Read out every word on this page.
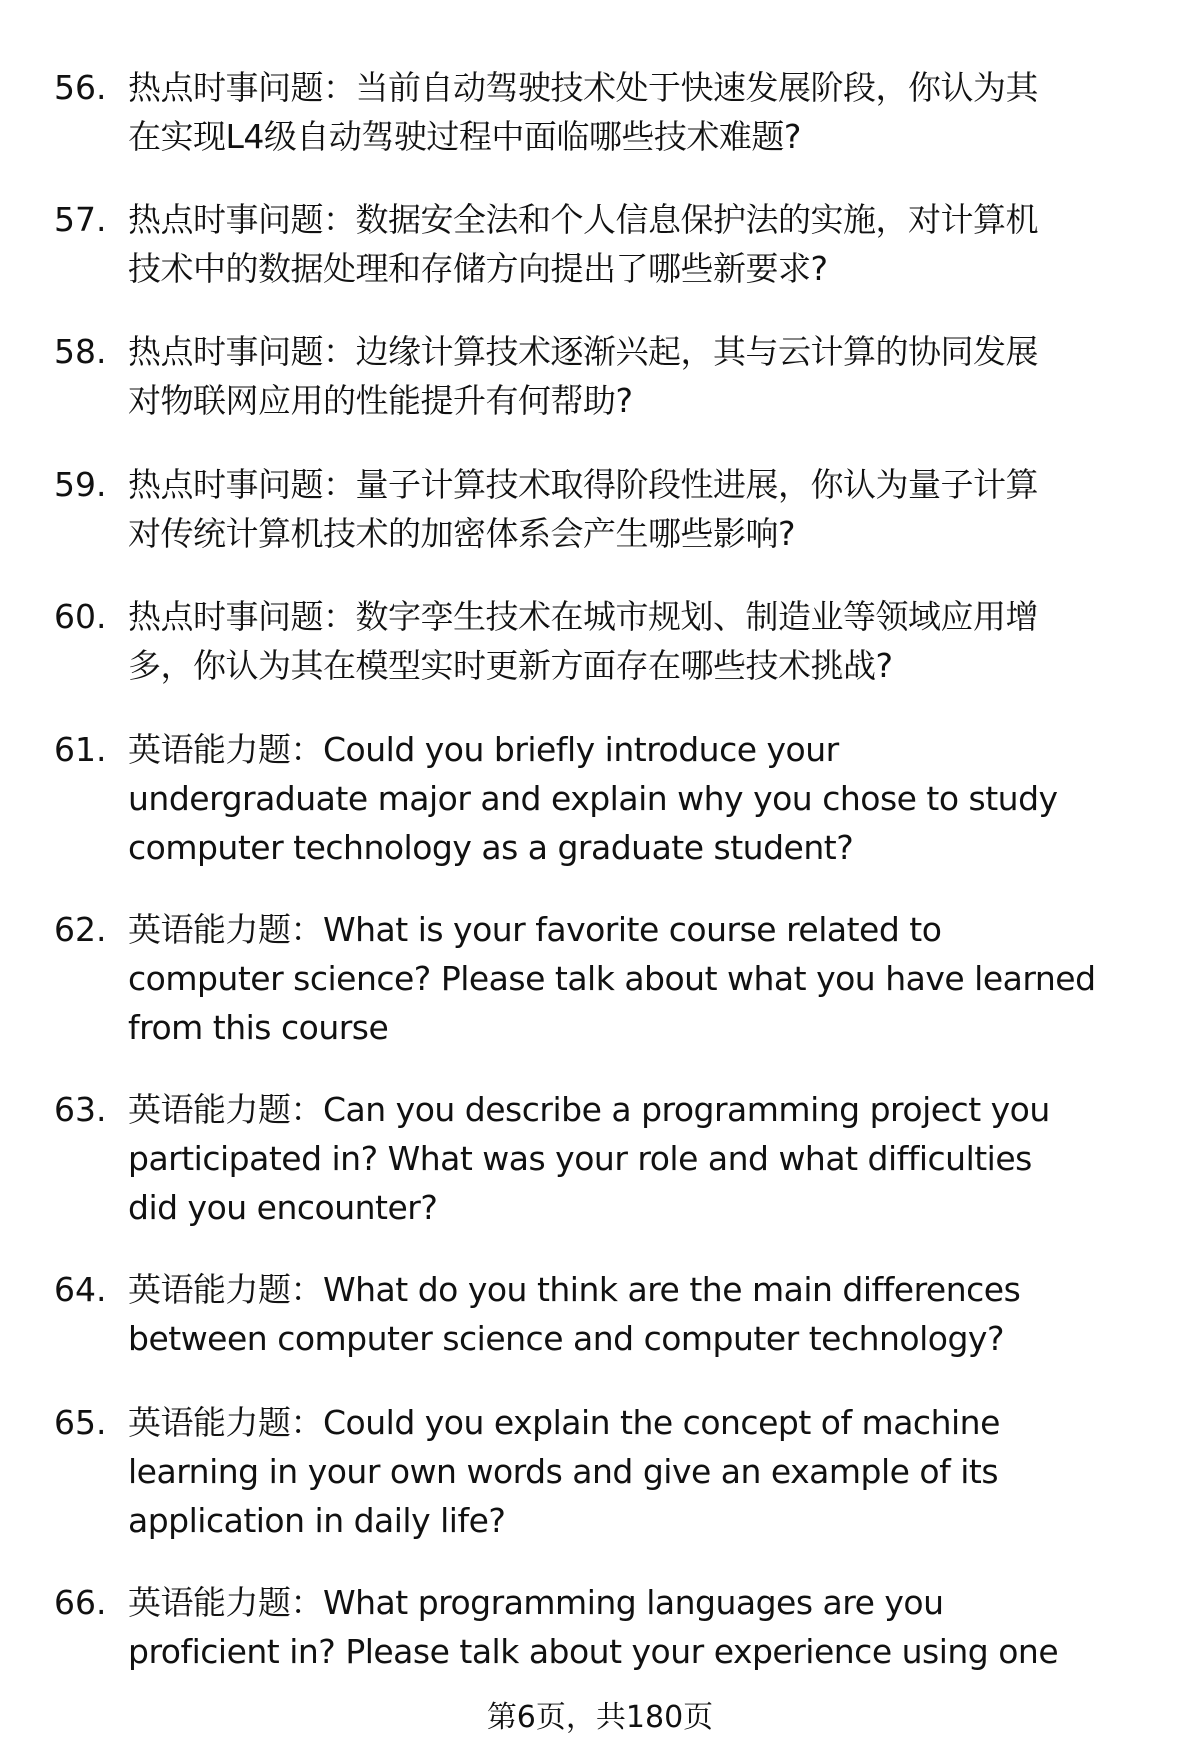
56. 热点时事问题：当前自动驾驶技术处于快速发展阶段，你认为其
在实现L4级自动驾驶过程中面临哪些技术难题?
57. 热点时事问题：数据安全法和个人信息保护法的实施，对计算机
技术中的数据处理和存储方向提出了哪些新要求?
58. 热点时事问题：边缘计算技术逐渐兴起，其与云计算的协同发展
对物联网应用的性能提升有何帮助?
59. 热点时事问题：量子计算技术取得阶段性进展，你认为量子计算
对传统计算机技术的加密体系会产生哪些影响?
60. 热点时事问题：数字孪生技术在城市规划、制造业等领域应用增
多，你认为其在模型实时更新方面存在哪些技术挑战?
61. 英语能力题：Could you briefly introduce your
undergraduate major and explain why you chose to study
computer technology as a graduate student?
62. 英语能力题：What is your favorite course related to
computer science? Please talk about what you have learned
from this course
63. 英语能力题：Can you describe a programming project you
participated in? What was your role and what difficulties
did you encounter?
64. 英语能力题：What do you think are the main differences
between computer science and computer technology?
65. 英语能力题：Could you explain the concept of machine
learning in your own words and give an example of its
application in daily life?
66. 英语能力题：What programming languages are you
proficient in? Please talk about your experience using one
第6页，共180页
